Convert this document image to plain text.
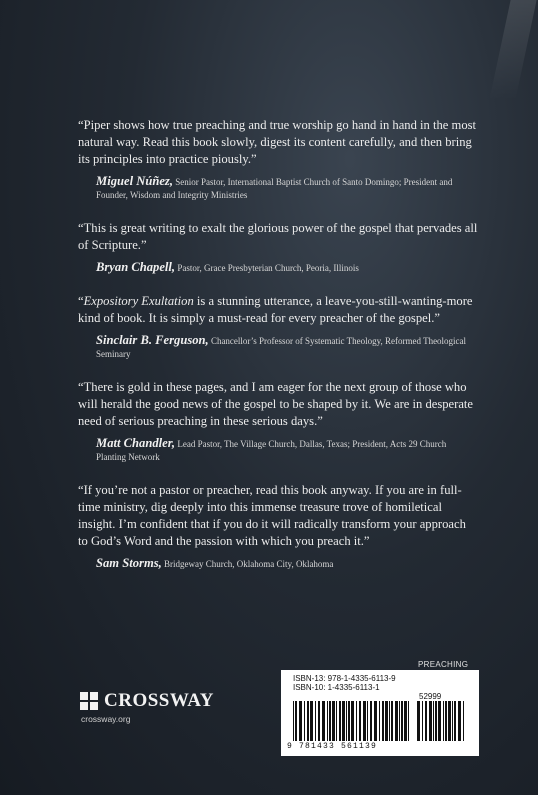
“Piper shows how true preaching and true worship go hand in hand in the most natural way. Read this book slowly, digest its content carefully, and then bring its principles into practice piously.”

Miguel Núñez, Senior Pastor, International Baptist Church of Santo Domingo; President and Founder, Wisdom and Integrity Ministries

“This is great writing to exalt the glorious power of the gospel that pervades all of Scripture.”

Bryan Chapell, Pastor, Grace Presbyterian Church, Peoria, Illinois

“Expository Exultation is a stunning utterance, a leave-you-still-wanting-more kind of book. It is simply a must-read for every preacher of the gospel.”

Sinclair B. Ferguson, Chancellor’s Professor of Systematic Theology, Reformed Theological Seminary

“There is gold in these pages, and I am eager for the next group of those who will herald the good news of the gospel to be shaped by it. We are in desperate need of serious preaching in these serious days.”

Matt Chandler, Lead Pastor, The Village Church, Dallas, Texas; President, Acts 29 Church Planting Network

“If you’re not a pastor or preacher, read this book anyway. If you are in full-time ministry, dig deeply into this immense treasure trove of homiletical insight. I’m confident that if you do it will radically transform your approach to God’s Word and the passion with which you preach it.”

Sam Storms, Bridgeway Church, Oklahoma City, Oklahoma
PREACHING
CROSSWAY
crossway.org
ISBN-13: 978-1-4335-6113-9
ISBN-10: 1-4335-6113-1
52999
9 781433 561139
